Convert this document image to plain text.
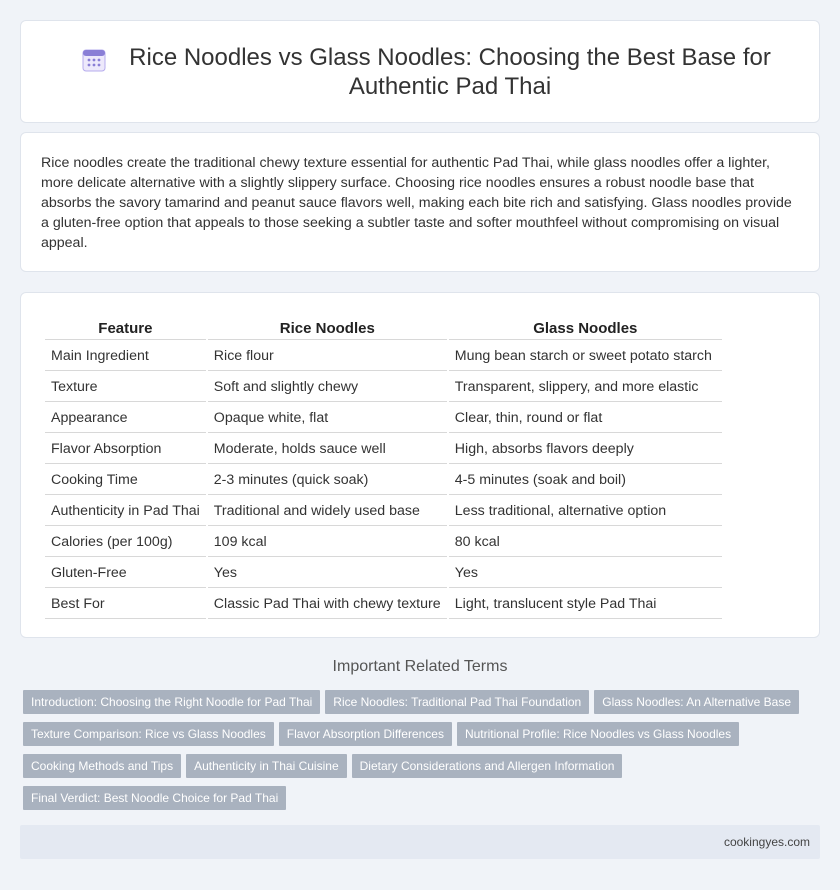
Rice Noodles vs Glass Noodles: Choosing the Best Base for Authentic Pad Thai

Rice noodles create the traditional chewy texture essential for authentic Pad Thai, while glass noodles offer a lighter, more delicate alternative with a slightly slippery surface. Choosing rice noodles ensures a robust noodle base that absorbs the savory tamarind and peanut sauce flavors well, making each bite rich and satisfying. Glass noodles provide a gluten-free option that appeals to those seeking a subtler taste and softer mouthfeel without compromising on visual appeal.

Feature	Rice Noodles	Glass Noodles
Main Ingredient	Rice flour	Mung bean starch or sweet potato starch
Texture	Soft and slightly chewy	Transparent, slippery, and more elastic
Appearance	Opaque white, flat	Clear, thin, round or flat
Flavor Absorption	Moderate, holds sauce well	High, absorbs flavors deeply
Cooking Time	2-3 minutes (quick soak)	4-5 minutes (soak and boil)
Authenticity in Pad Thai	Traditional and widely used base	Less traditional, alternative option
Calories (per 100g)	109 kcal	80 kcal
Gluten-Free	Yes	Yes
Best For	Classic Pad Thai with chewy texture	Light, translucent style Pad Thai
Important Related Terms
Introduction: Choosing the Right Noodle for Pad Thai Rice Noodles: Traditional Pad Thai Foundation Glass Noodles: An Alternative Base
Texture Comparison: Rice vs Glass Noodles Flavor Absorption Differences Nutritional Profile: Rice Noodles vs Glass Noodles
Cooking Methods and Tips Authenticity in Thai Cuisine Dietary Considerations and Allergen Information
Final Verdict: Best Noodle Choice for Pad Thai
cookingyes.com
